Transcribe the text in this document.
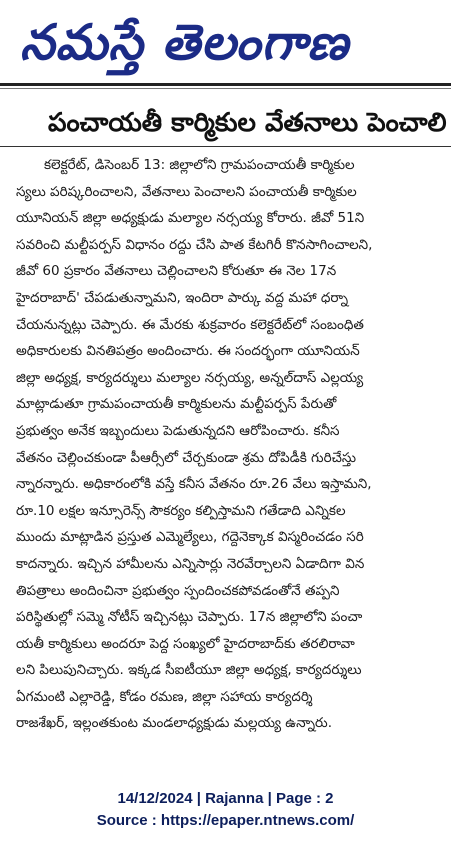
నమస్తే తెలంగాణ
పంచాయతీ కార్మికుల వేతనాలు పెంచాలి
కలెక్టరేట్, డిసెంబర్ 13: జిల్లాలోని గ్రామపంచాయతీ కార్మికుల
స్యలు పరిష్కరించాలని, వేతనాలు పెంచాలని పంచాయతీ కార్మికుల
యూనియన్ జిల్లా అధ్యక్షుడు మల్యాల నర్సయ్య కోరారు. జీవో 51ని
సవరించి మల్టీపర్పస్ విధానం రద్దు చేసి పాత కేటగిరీ కొనసాగించాలని,
జీవో 60 ప్రకారం వేతనాలు చెల్లించాలని కోరుతూ ఈ నెల 17న
హైదరాబాద్' చేపడుతున్నామని, ఇందిరా పార్కు వద్ద మహా ధర్నా
చేయనున్నట్లు చెప్పారు. ఈ మేరకు శుక్రవారం కలెక్టరేట్‌లో సంబంధిత
అధికారులకు వినతిపత్రం అందించారు. ఈ సందర్భంగా యూనియన్
జిల్లా అధ్యక్ష, కార్యదర్శులు మల్యాల నర్సయ్య, అన్నల్‌దాస్ ఎల్లయ్య
మాట్లాడుతూ గ్రామపంచాయతీ కార్మికులను మల్టీపర్పస్ పేరుతో
ప్రభుత్వం అనేక ఇబ్బందులు పెడుతున్నదని ఆరోపించారు. కనీస
వేతనం చెల్లించకుండా పీఆర్సీలో చేర్చకుండా శ్రమ దోపిడీకి గురిచేస్తు
న్నారన్నారు. అధికారంలోకి వస్తే కనీస వేతనం రూ.26 వేలు ఇస్తామని,
రూ.10 లక్షల ఇన్సూరెన్స్ సౌకర్యం కల్పిస్తామని గతేడాది ఎన్నికల
ముందు మాట్లాడిన ప్రస్తుత ఎమ్మెల్యేలు, గద్దెనెక్కాక విస్మరించడం సరి
కాదన్నారు. ఇచ్చిన హామీలను ఎన్నిసార్లు నెరవేర్చాలని ఏడాదిగా విన
తిపత్రాలు అందించినా ప్రభుత్వం స్పందించకపోవడంతోనే తప్పని
పరిస్థితుల్లో సమ్మె నోటీస్ ఇచ్చినట్లు చెప్పారు. 17న జిల్లాలోని పంచా
యతీ కార్మికులు అందరూ పెద్ద సంఖ్యలో హైదరాబాద్‌కు తరలిరావా
లని పిలుపునిచ్చారు. ఇక్కడ సీఐటీయూ జిల్లా అధ్యక్ష, కార్యదర్శులు
ఏగమంటి ఎల్లారెడ్డి, కోడం రమణ, జిల్లా సహాయ కార్యదర్శి
రాజశేఖర్, ఇల్లంతకుంట మండలాధ్యక్షుడు మల్లయ్య ఉన్నారు.
14/12/2024 | Rajanna | Page : 2
Source : https://epaper.ntnews.com/
